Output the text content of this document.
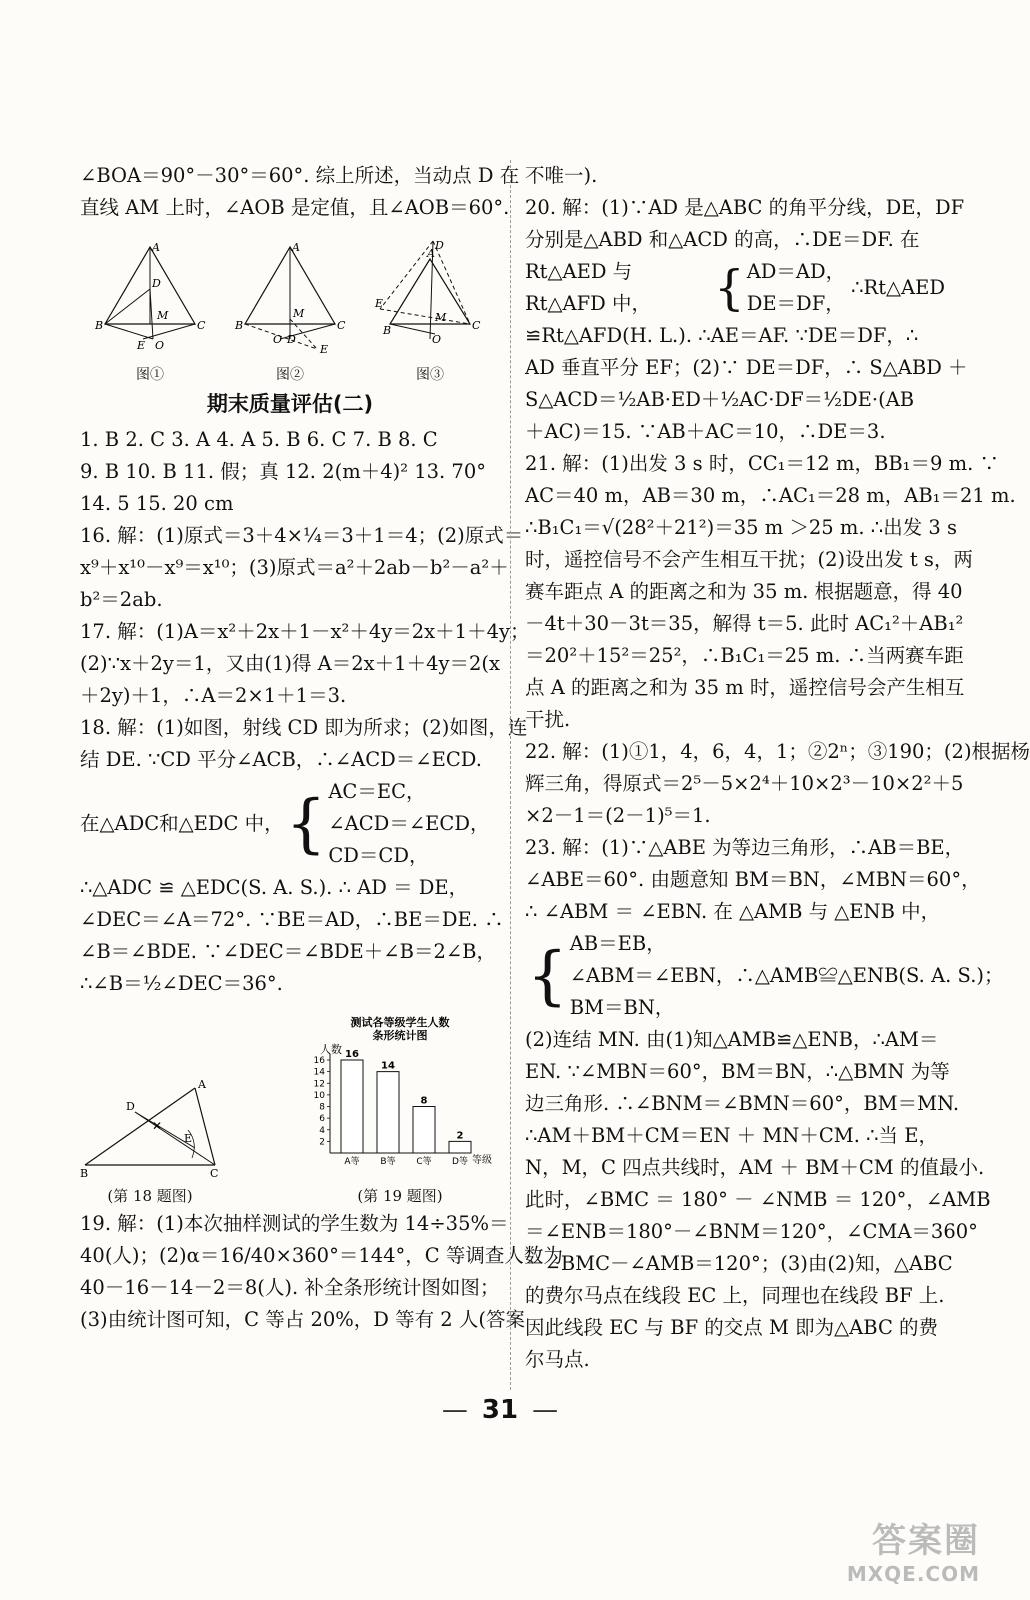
∠BOA＝90°－30°＝60°. 综上所述，当动点 D 在
直线 AM 上时，∠AOB 是定值，且∠AOB＝60°.
A
D
M
B	C
E O
图①
A
M
B	C
O D
E
图②
D
A
E
B	C
M
O
图③
期末质量评估(二)
1. B 2. C 3. A 4. A 5. B 6. C 7. B 8. C
9. B 10. B 11. 假；真 12. 2(m＋4)² 13. 70°
14. 5 15. 20 cm
16. 解：(1)原式＝3＋4×¼＝3＋1＝4；(2)原式＝
x⁹＋x¹⁰－x⁹＝x¹⁰；(3)原式＝a²＋2ab－b²－a²＋
b²＝2ab.
17. 解：(1)A＝x²＋2x＋1－x²＋4y＝2x＋1＋4y；
(2)∵x＋2y＝1，又由(1)得 A＝2x＋1＋4y＝2(x
＋2y)＋1，∴A＝2×1＋1＝3.
18. 解：(1)如图，射线 CD 即为所求；(2)如图，连
结 DE. ∵CD 平分∠ACB，∴∠ACD＝∠ECD.
在△ADC和△EDC 中， { AC＝EC，
∠ACD＝∠ECD，
CD＝CD，
∴△ADC ≌ △EDC(S. A. S.). ∴ AD ＝ DE，
∠DEC＝∠A＝72°. ∵BE＝AD，∴BE＝DE. ∴
∠B＝∠BDE. ∵∠DEC＝∠BDE＋∠B＝2∠B，
∴∠B＝½∠DEC＝36°.
✕
A
D
E
B	C
(第 18 题图)
测试各等级学生人数
条形统计图
人数
等级
2
4
6
8
10
12
14
16
16
A等
14
B等
8
C等
2
D等
(第 19 题图)
19. 解：(1)本次抽样测试的学生数为 14÷35%＝
40(人)；(2)α＝16/40×360°＝144°，C 等调查人数为
40－16－14－2＝8(人). 补全条形统计图如图；
(3)由统计图可知，C 等占 20%，D 等有 2 人(答案
不唯一).
20. 解：(1)∵AD 是△ABC 的角平分线，DE，DF
分别是△ABD 和△ACD 的高，∴DE＝DF. 在
Rt△AED 与 Rt△AFD 中，	{ AD＝AD，
DE＝DF，
∴Rt△AED
≌Rt△AFD(H. L.). ∴AE＝AF. ∵DE＝DF，∴
AD 垂直平分 EF；(2)∵ DE＝DF，∴ S△ABD ＋
S△ACD＝½AB·ED＋½AC·DF＝½DE·(AB
＋AC)＝15. ∵AB＋AC＝10，∴DE＝3.
21. 解：(1)出发 3 s 时，CC₁＝12 m，BB₁＝9 m. ∵
AC＝40 m，AB＝30 m，∴AC₁＝28 m，AB₁＝21 m.
∴B₁C₁＝√(28²＋21²)＝35 m ＞25 m. ∴出发 3 s
时，遥控信号不会产生相互干扰；(2)设出发 t s，两
赛车距点 A 的距离之和为 35 m. 根据题意，得 40
－4t＋30－3t＝35，解得 t＝5. 此时 AC₁²＋AB₁²
＝20²＋15²＝25²，∴B₁C₁＝25 m. ∴当两赛车距
点 A 的距离之和为 35 m 时，遥控信号会产生相互
干扰.
22. 解：(1)①1，4，6，4，1；②2ⁿ；③190；(2)根据杨
辉三角，得原式＝2⁵－5×2⁴＋10×2³－10×2²＋5
×2－1＝(2－1)⁵＝1.
23. 解：(1)∵△ABE 为等边三角形，∴AB＝BE，
∠ABE＝60°. 由题意知 BM＝BN，∠MBN＝60°，
∴ ∠ABM ＝ ∠EBN. 在 △AMB 与 △ENB 中，
{ AB＝EB，
∠ABM＝∠EBN，∴△AMB≌△ENB(S. A. S.)；
BM＝BN，
(2)连结 MN. 由(1)知△AMB≌△ENB，∴AM＝
EN. ∵∠MBN＝60°，BM＝BN，∴△BMN 为等
边三角形. ∴∠BNM＝∠BMN＝60°，BM＝MN.
∴AM＋BM＋CM＝EN ＋ MN＋CM. ∴当 E，
N，M，C 四点共线时，AM ＋ BM＋CM 的值最小.
此时，∠BMC ＝ 180° － ∠NMB ＝ 120°，∠AMB
＝∠ENB＝180°－∠BNM＝120°，∠CMA＝360°
－∠BMC－∠AMB＝120°；(3)由(2)知，△ABC
的费尔马点在线段 EC 上，同理也在线段 BF 上.
因此线段 EC 与 BF 的交点 M 即为△ABC 的费
尔马点.
— 31 —
答案圈
MXQE.COM
